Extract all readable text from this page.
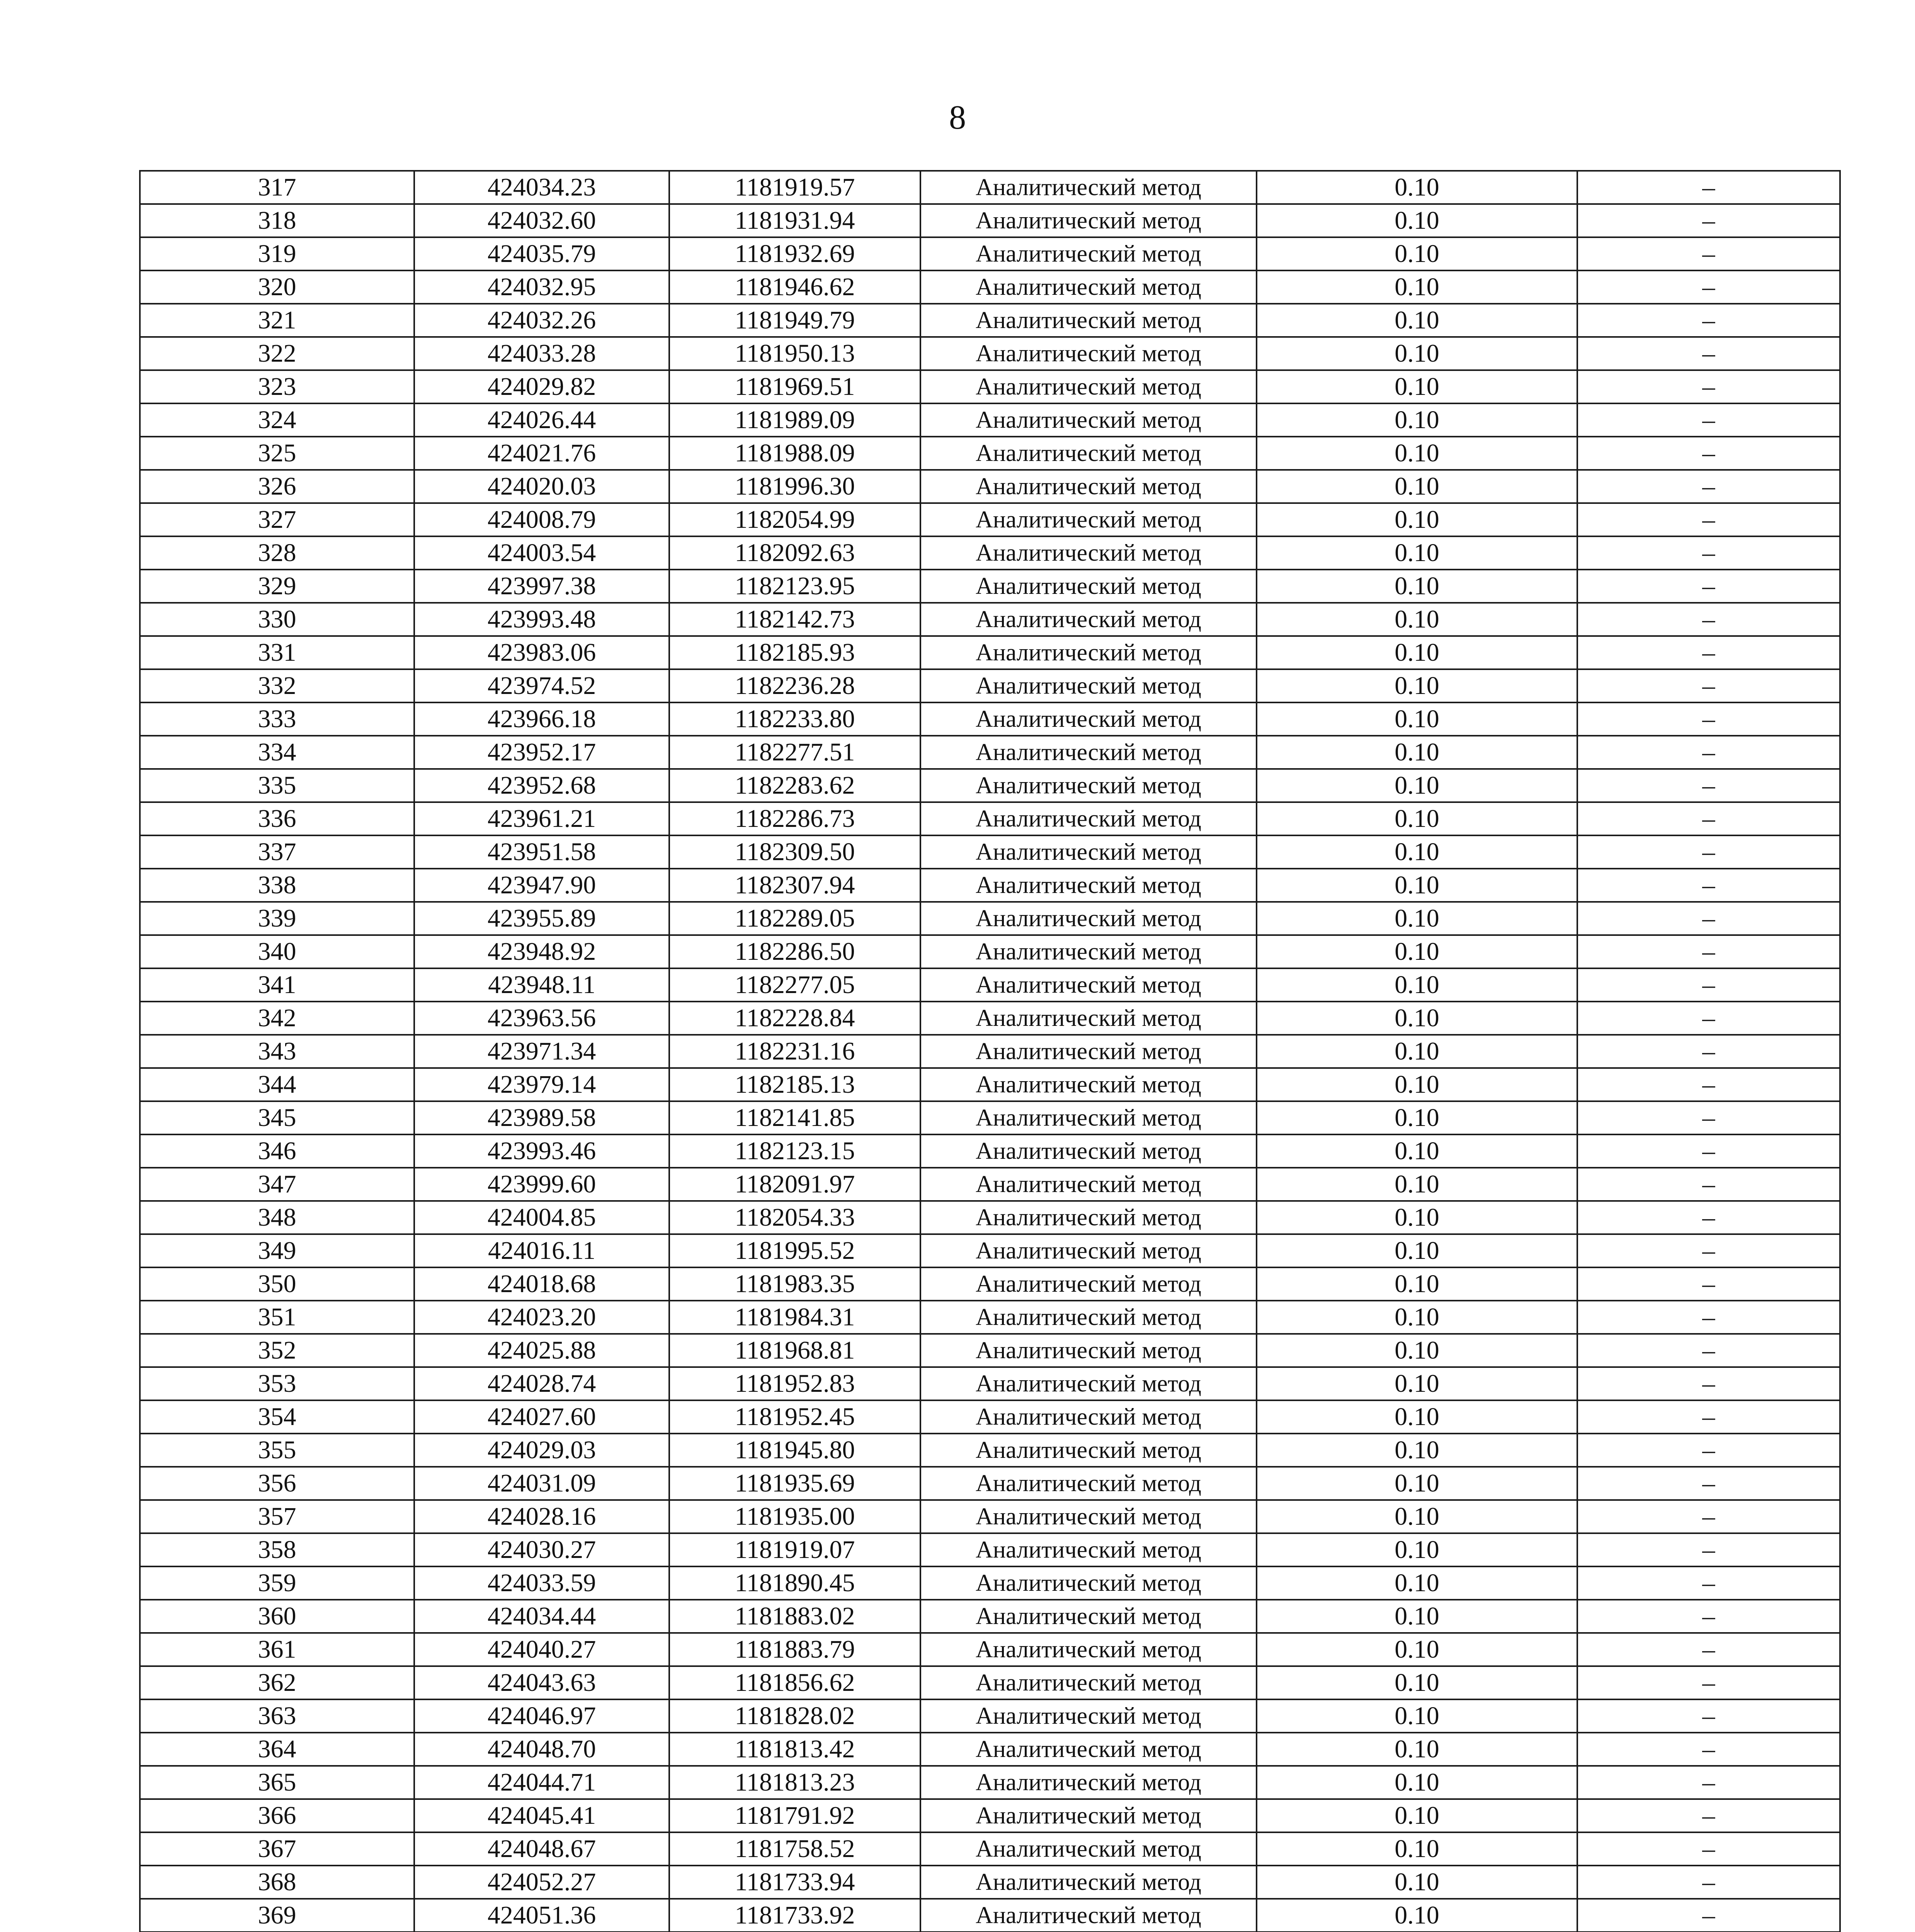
8
317	424034.23	1181919.57	Аналитический метод	0.10	–
318	424032.60	1181931.94	Аналитический метод	0.10	–
319	424035.79	1181932.69	Аналитический метод	0.10	–
320	424032.95	1181946.62	Аналитический метод	0.10	–
321	424032.26	1181949.79	Аналитический метод	0.10	–
322	424033.28	1181950.13	Аналитический метод	0.10	–
323	424029.82	1181969.51	Аналитический метод	0.10	–
324	424026.44	1181989.09	Аналитический метод	0.10	–
325	424021.76	1181988.09	Аналитический метод	0.10	–
326	424020.03	1181996.30	Аналитический метод	0.10	–
327	424008.79	1182054.99	Аналитический метод	0.10	–
328	424003.54	1182092.63	Аналитический метод	0.10	–
329	423997.38	1182123.95	Аналитический метод	0.10	–
330	423993.48	1182142.73	Аналитический метод	0.10	–
331	423983.06	1182185.93	Аналитический метод	0.10	–
332	423974.52	1182236.28	Аналитический метод	0.10	–
333	423966.18	1182233.80	Аналитический метод	0.10	–
334	423952.17	1182277.51	Аналитический метод	0.10	–
335	423952.68	1182283.62	Аналитический метод	0.10	–
336	423961.21	1182286.73	Аналитический метод	0.10	–
337	423951.58	1182309.50	Аналитический метод	0.10	–
338	423947.90	1182307.94	Аналитический метод	0.10	–
339	423955.89	1182289.05	Аналитический метод	0.10	–
340	423948.92	1182286.50	Аналитический метод	0.10	–
341	423948.11	1182277.05	Аналитический метод	0.10	–
342	423963.56	1182228.84	Аналитический метод	0.10	–
343	423971.34	1182231.16	Аналитический метод	0.10	–
344	423979.14	1182185.13	Аналитический метод	0.10	–
345	423989.58	1182141.85	Аналитический метод	0.10	–
346	423993.46	1182123.15	Аналитический метод	0.10	–
347	423999.60	1182091.97	Аналитический метод	0.10	–
348	424004.85	1182054.33	Аналитический метод	0.10	–
349	424016.11	1181995.52	Аналитический метод	0.10	–
350	424018.68	1181983.35	Аналитический метод	0.10	–
351	424023.20	1181984.31	Аналитический метод	0.10	–
352	424025.88	1181968.81	Аналитический метод	0.10	–
353	424028.74	1181952.83	Аналитический метод	0.10	–
354	424027.60	1181952.45	Аналитический метод	0.10	–
355	424029.03	1181945.80	Аналитический метод	0.10	–
356	424031.09	1181935.69	Аналитический метод	0.10	–
357	424028.16	1181935.00	Аналитический метод	0.10	–
358	424030.27	1181919.07	Аналитический метод	0.10	–
359	424033.59	1181890.45	Аналитический метод	0.10	–
360	424034.44	1181883.02	Аналитический метод	0.10	–
361	424040.27	1181883.79	Аналитический метод	0.10	–
362	424043.63	1181856.62	Аналитический метод	0.10	–
363	424046.97	1181828.02	Аналитический метод	0.10	–
364	424048.70	1181813.42	Аналитический метод	0.10	–
365	424044.71	1181813.23	Аналитический метод	0.10	–
366	424045.41	1181791.92	Аналитический метод	0.10	–
367	424048.67	1181758.52	Аналитический метод	0.10	–
368	424052.27	1181733.94	Аналитический метод	0.10	–
369	424051.36	1181733.92	Аналитический метод	0.10	–
